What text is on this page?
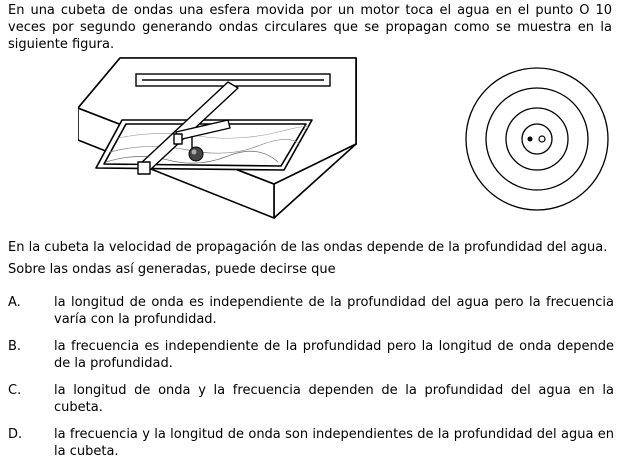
En una cubeta de ondas una esfera movida por un motor toca el agua en el punto O 10 veces por segundo generando ondas circulares que se propagan como se muestra en la siguiente figura.
En la cubeta la velocidad de propagación de las ondas depende de la profundidad del agua.
Sobre las ondas así generadas, puede decirse que
A.	la longitud de onda es independiente de la profundidad del agua pero la frecuencia varía con la profundidad.
B.	la frecuencia es independiente de la profundidad pero la longitud de onda depende de la profundidad.
C.	la longitud de onda y la frecuencia dependen de la profundidad del agua en la cubeta.
D.	la frecuencia y la longitud de onda son independientes de la profundidad del agua en la cubeta.
